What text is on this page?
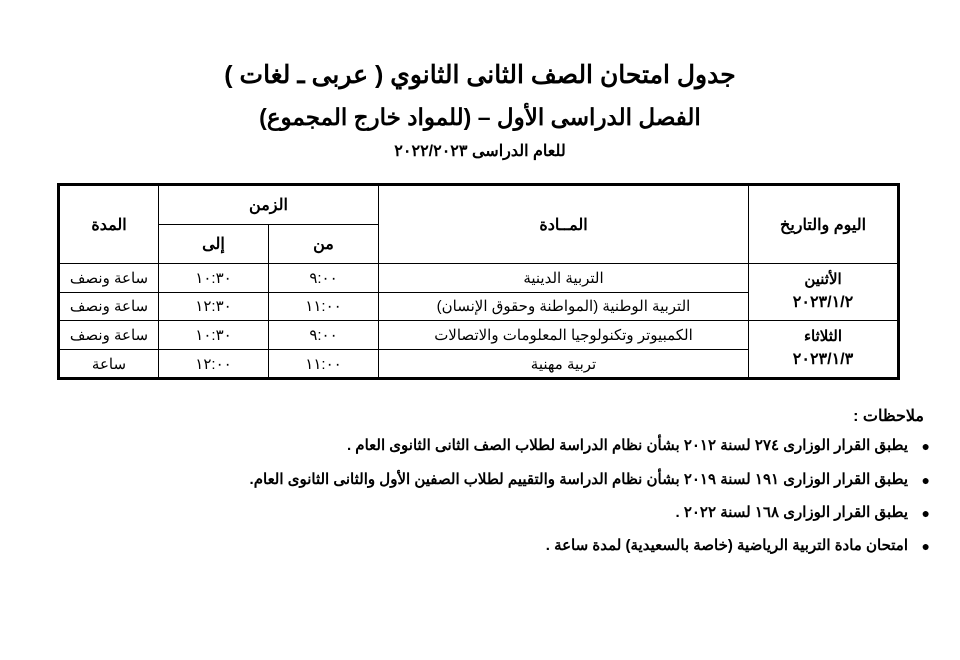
جدول امتحان الصف الثانى الثانوي ( عربى ـ لغات )
الفصل الدراسى الأول – (للمواد خارج المجموع)
للعام الدراسى ٢٠٢٢/٢٠٢٣
اليوم والتاريخ	المــادة	الزمن		المدة
		من	إلى	
الأثنين
٢٠٢٣/١/٢	التربية الدينية	٩:٠٠	١٠:٣٠	ساعة ونصف
	التربية الوطنية (المواطنة وحقوق الإنسان)	١١:٠٠	١٢:٣٠	ساعة ونصف
الثلاثاء
٢٠٢٣/١/٣	الكمبيوتر وتكنولوجيا المعلومات والاتصالات	٩:٠٠	١٠:٣٠	ساعة ونصف
	تربية مهنية	١١:٠٠	١٢:٠٠	ساعة
ملاحظات :
●
يطبق القرار الوزارى ٢٧٤ لسنة ٢٠١٢ بشأن نظام الدراسة لطلاب الصف الثانى الثانوى العام .
●
يطبق القرار الوزارى ١٩١ لسنة ٢٠١٩ بشأن نظام الدراسة والتقييم لطلاب الصفين الأول والثانى الثانوى العام.
●
يطبق القرار الوزارى ١٦٨ لسنة ٢٠٢٢ .
●
امتحان مادة التربية الرياضية (خاصة بالسعيدية) لمدة ساعة .
